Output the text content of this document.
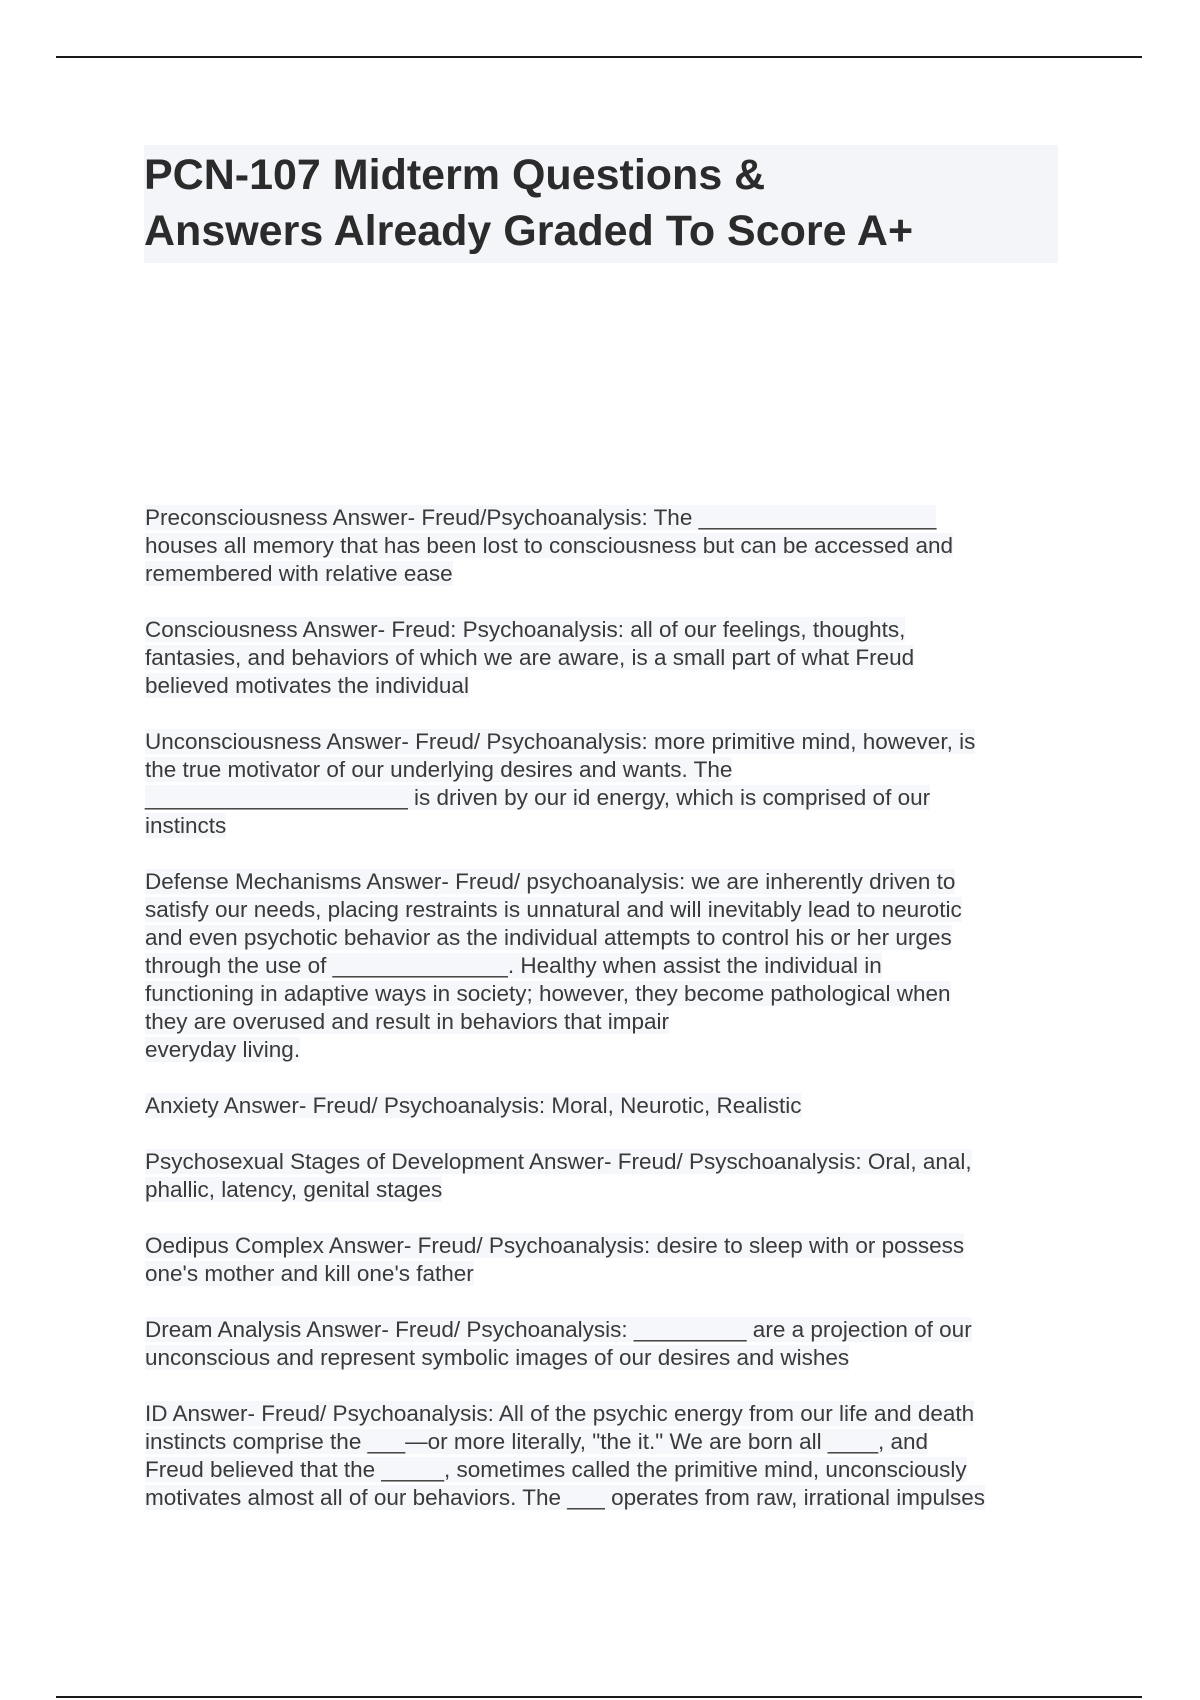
PCN-107 Midterm Questions &
Answers Already Graded To Score A+

Preconsciousness Answer- Freud/Psychoanalysis: The ___________________
houses all memory that has been lost to consciousness but can be accessed and
remembered with relative ease

Consciousness Answer- Freud: Psychoanalysis: all of our feelings, thoughts,
fantasies, and behaviors of which we are aware, is a small part of what Freud
believed motivates the individual

Unconsciousness Answer- Freud/ Psychoanalysis: more primitive mind, however, is
the true motivator of our underlying desires and wants. The
_____________________ is driven by our id energy, which is comprised of our
instincts

Defense Mechanisms Answer- Freud/ psychoanalysis: we are inherently driven to
satisfy our needs, placing restraints is unnatural and will inevitably lead to neurotic
and even psychotic behavior as the individual attempts to control his or her urges
through the use of ______________. Healthy when assist the individual in
functioning in adaptive ways in society; however, they become pathological when
they are overused and result in behaviors that impair
everyday living.

Anxiety Answer- Freud/ Psychoanalysis: Moral, Neurotic, Realistic

Psychosexual Stages of Development Answer- Freud/ Psyschoanalysis: Oral, anal,
phallic, latency, genital stages

Oedipus Complex Answer- Freud/ Psychoanalysis: desire to sleep with or possess
one's mother and kill one's father

Dream Analysis Answer- Freud/ Psychoanalysis: _________ are a projection of our
unconscious and represent symbolic images of our desires and wishes

ID Answer- Freud/ Psychoanalysis: All of the psychic energy from our life and death
instincts comprise the ___—or more literally, "the it." We are born all ____, and
Freud believed that the _____, sometimes called the primitive mind, unconsciously
motivates almost all of our behaviors. The ___ operates from raw, irrational impulses
